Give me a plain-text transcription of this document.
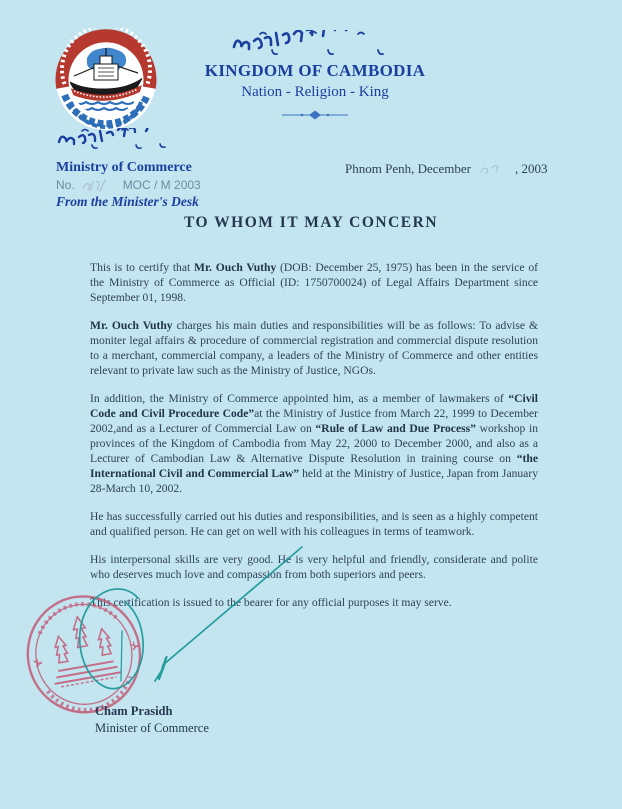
KINGDOM OF CAMBODIA
Nation - Religion - King
Ministry of Commerce
No.	MOC / M 2003
From the Minister's Desk
Phnom Penh, December	, 2003
TO WHOM IT MAY CONCERN

This is to certify that Mr. Ouch Vuthy (DOB: December 25, 1975) has been in the service of the Ministry of Commerce as Official (ID: 1750700024) of Legal Affairs Department since September 01, 1998.

Mr. Ouch Vuthy charges his main duties and responsibilities will be as follows: To advise & moniter legal affairs & procedure of commercial registration and commercial dispute resolution to a merchant, commercial company, a leaders of the Ministry of Commerce and other entities relevant to private law such as the Ministry of Justice, NGOs.

In addition, the Ministry of Commerce appointed him, as a member of lawmakers of “Civil Code and Civil Procedure Code”at the Ministry of Justice from March 22, 1999 to December 2002,and as a Lecturer of Commercial Law on “Rule of Law and Due Process” workshop in provinces of the Kingdom of Cambodia from May 22, 2000 to December 2000, and also as a Lecturer of Cambodian Law & Alternative Dispute Resolution in training course on “the International Civil and Commercial Law” held at the Ministry of Justice, Japan from January 28-March 10, 2002.

He has successfully carried out his duties and responsibilities, and is seen as a highly competent and qualified person. He can get on well with his colleagues in terms of teamwork.

His interpersonal skills are very good. He is very helpful and friendly, considerate and polite who deserves much love and compassion from both superiors and peers.

This certification is issued to the bearer for any official purposes it may serve.

Cham Prasidh
Minister of Commerce
